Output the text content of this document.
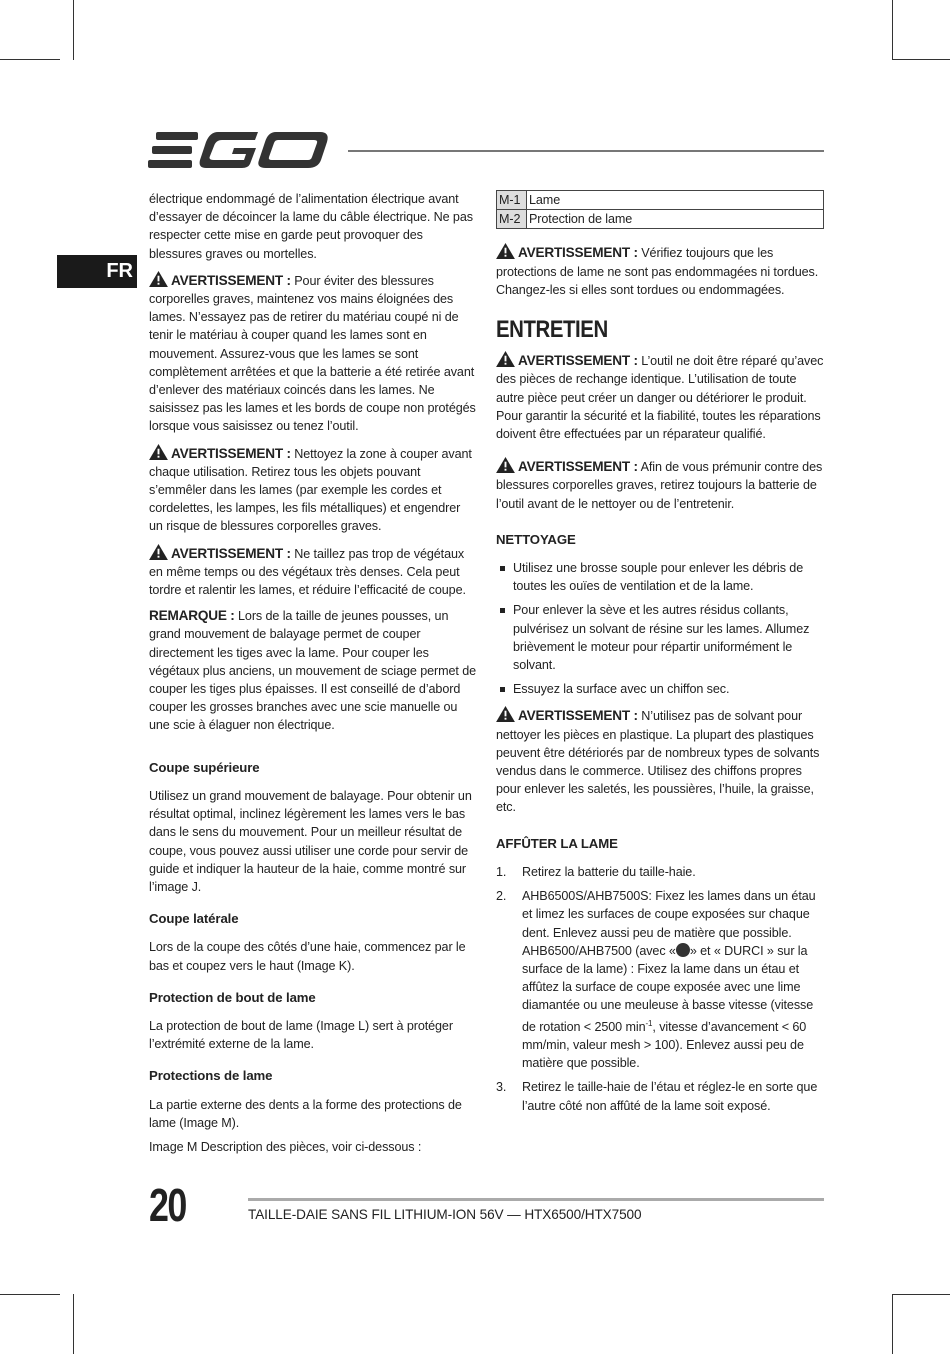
FR

électrique endommagé de l’alimentation électrique avant d’essayer de décoincer la lame du câble électrique. Ne pas respecter cette mise en garde peut provoquer des blessures graves ou mortelles.

AVERTISSEMENT : Pour éviter des blessures corporelles graves, maintenez vos mains éloignées des lames. N’essayez pas de retirer du matériau coupé ni de tenir le matériau à couper quand les lames sont en mouvement. Assurez-vous que les lames se sont complètement arrêtées et que la batterie a été retirée avant d’enlever des matériaux coincés dans les lames. Ne saisissez pas les lames et les bords de coupe non protégés lorsque vous saisissez ou tenez l’outil.

AVERTISSEMENT : Nettoyez la zone à couper avant chaque utilisation. Retirez tous les objets pouvant s’emmêler dans les lames (par exemple les cordes et cordelettes, les lampes, les fils métalliques) et engendrer un risque de blessures corporelles graves.

AVERTISSEMENT : Ne taillez pas trop de végétaux en même temps ou des végétaux très denses. Cela peut tordre et ralentir les lames, et réduire l’efficacité de coupe.

REMARQUE : Lors de la taille de jeunes pousses, un grand mouvement de balayage permet de couper directement les tiges avec la lame. Pour couper les végétaux plus anciens, un mouvement de sciage permet de couper les tiges plus épaisses. Il est conseillé de d’abord couper les grosses branches avec une scie manuelle ou une scie à élaguer non électrique.

Coupe supérieure

Utilisez un grand mouvement de balayage. Pour obtenir un résultat optimal, inclinez légèrement les lames vers le bas dans le sens du mouvement. Pour un meilleur résultat de coupe, vous pouvez aussi utiliser une corde pour servir de guide et indiquer la hauteur de la haie, comme montré sur l’image J.

Coupe latérale

Lors de la coupe des côtés d’une haie, commencez par le bas et coupez vers le haut (Image K).

Protection de bout de lame

La protection de bout de lame (Image L) sert à protéger l’extrémité externe de la lame.

Protections de lame

La partie externe des dents a la forme des protections de lame (Image M).

Image M Description des pièces, voir ci-dessous :

M-1	Lame
M-2	Protection de lame

AVERTISSEMENT : Vérifiez toujours que les protections de lame ne sont pas endommagées ni tordues. Changez-les si elles sont tordues ou endommagées.

ENTRETIEN

AVERTISSEMENT : L’outil ne doit être réparé qu’avec des pièces de rechange identique. L’utilisation de toute autre pièce peut créer un danger ou détériorer le produit. Pour garantir la sécurité et la fiabilité, toutes les réparations doivent être effectuées par un réparateur qualifié.

AVERTISSEMENT : Afin de vous prémunir contre des blessures corporelles graves, retirez toujours la batterie de l’outil avant de le nettoyer ou de l’entretenir.

NETTOYAGE
Utilisez une brosse souple pour enlever les débris de toutes les ouïes de ventilation et de la lame.
Pour enlever la sève et les autres résidus collants, pulvérisez un solvant de résine sur les lames. Allumez brièvement le moteur pour répartir uniformément le solvant.
Essuyez la surface avec un chiffon sec.

AVERTISSEMENT : N’utilisez pas de solvant pour nettoyer les pièces en plastique. La plupart des plastiques peuvent être détériorés par de nombreux types de solvants vendus dans le commerce. Utilisez des chiffons propres pour enlever les saletés, les poussières, l’huile, la graisse, etc.

AFFÛTER LA LAME
1. Retirez la batterie du taille-haie.
2. AHB6500S/AHB7500S: Fixez les lames dans un étau et limez les surfaces de coupe exposées sur chaque dent. Enlevez aussi peu de matière que possible. AHB6500/AHB7500 (avec « » et « DURCI » sur la surface de la lame) : Fixez la lame dans un étau et affûtez la surface de coupe exposée avec une lime diamantée ou une meuleuse à basse vitesse (vitesse de rotation < 2500 $\min^{-1}$, vitesse d’avancement < 60 mm/min, valeur mesh > 100). Enlevez aussi peu de matière que possible.
3. Retirez le taille-haie de l’étau et réglez-le en sorte que l’autre côté non affûté de la lame soit exposé.
20	TAILLE-DAIE SANS FIL LITHIUM-ION 56V — HTX6500/HTX7500
